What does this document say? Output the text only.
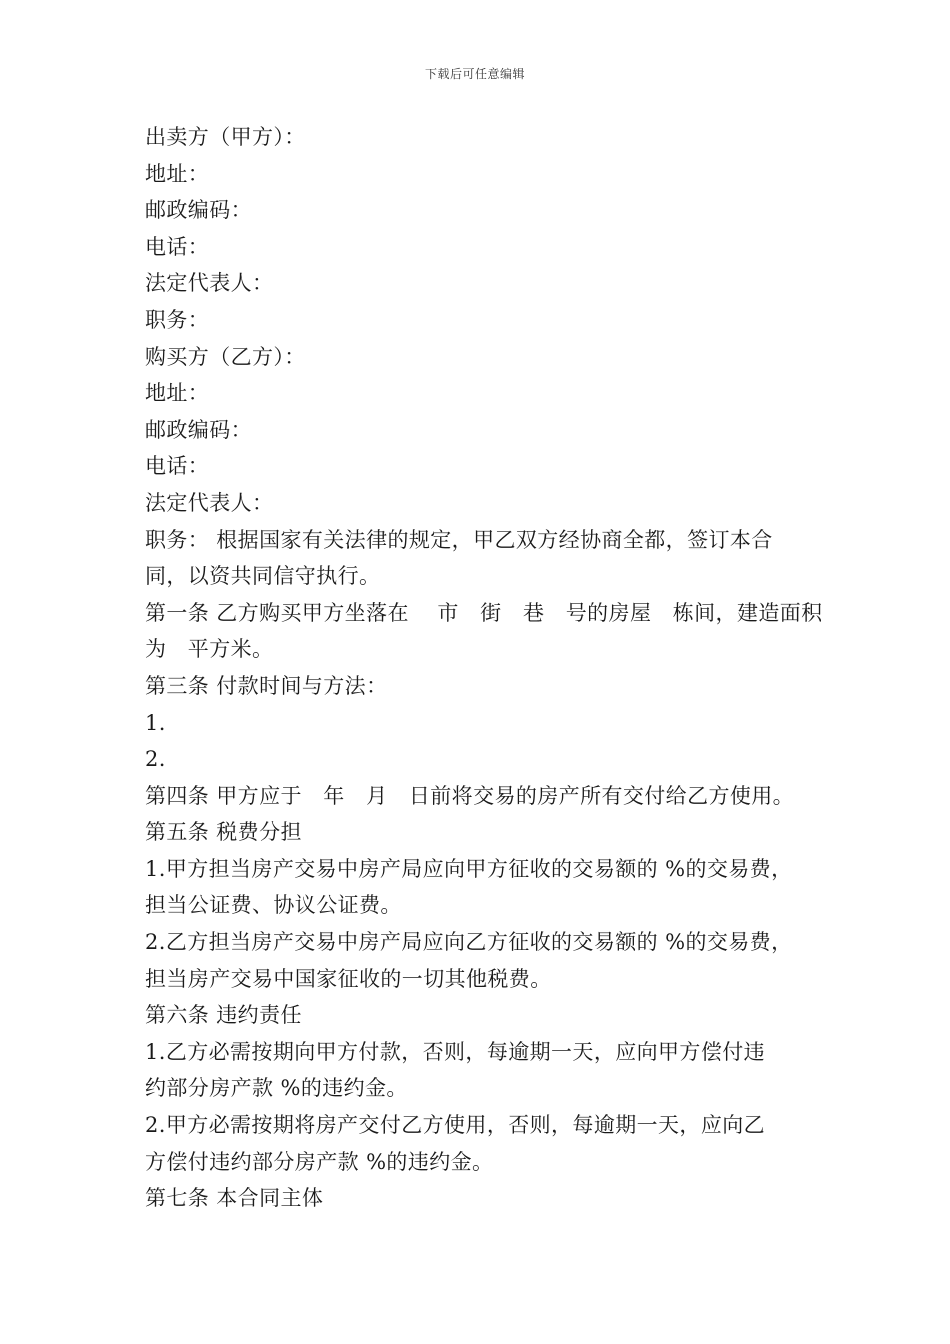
下载后可任意编辑
出卖方（甲方）：
地址：
邮政编码：
电话：
法定代表人：
职务：
购买方（乙方）：
地址：
邮政编码：
电话：
法定代表人：
职务： 根据国家有关法律的规定，甲乙双方经协商全都，签订本合
同，以资共同信守执行。
第一条 乙方购买甲方坐落在　 市　街　巷　号的房屋　栋间，建造面积
为　平方米。
第三条 付款时间与方法：
1.
2.
第四条 甲方应于　年　月　日前将交易的房产所有交付给乙方使用。
第五条 税费分担
1.甲方担当房产交易中房产局应向甲方征收的交易额的 %的交易费，
担当公证费、协议公证费。
2.乙方担当房产交易中房产局应向乙方征收的交易额的 %的交易费，
担当房产交易中国家征收的一切其他税费。
第六条 违约责任
1.乙方必需按期向甲方付款，否则，每逾期一天，应向甲方偿付违
约部分房产款 %的违约金。
2.甲方必需按期将房产交付乙方使用，否则，每逾期一天，应向乙
方偿付违约部分房产款 %的违约金。
第七条 本合同主体
